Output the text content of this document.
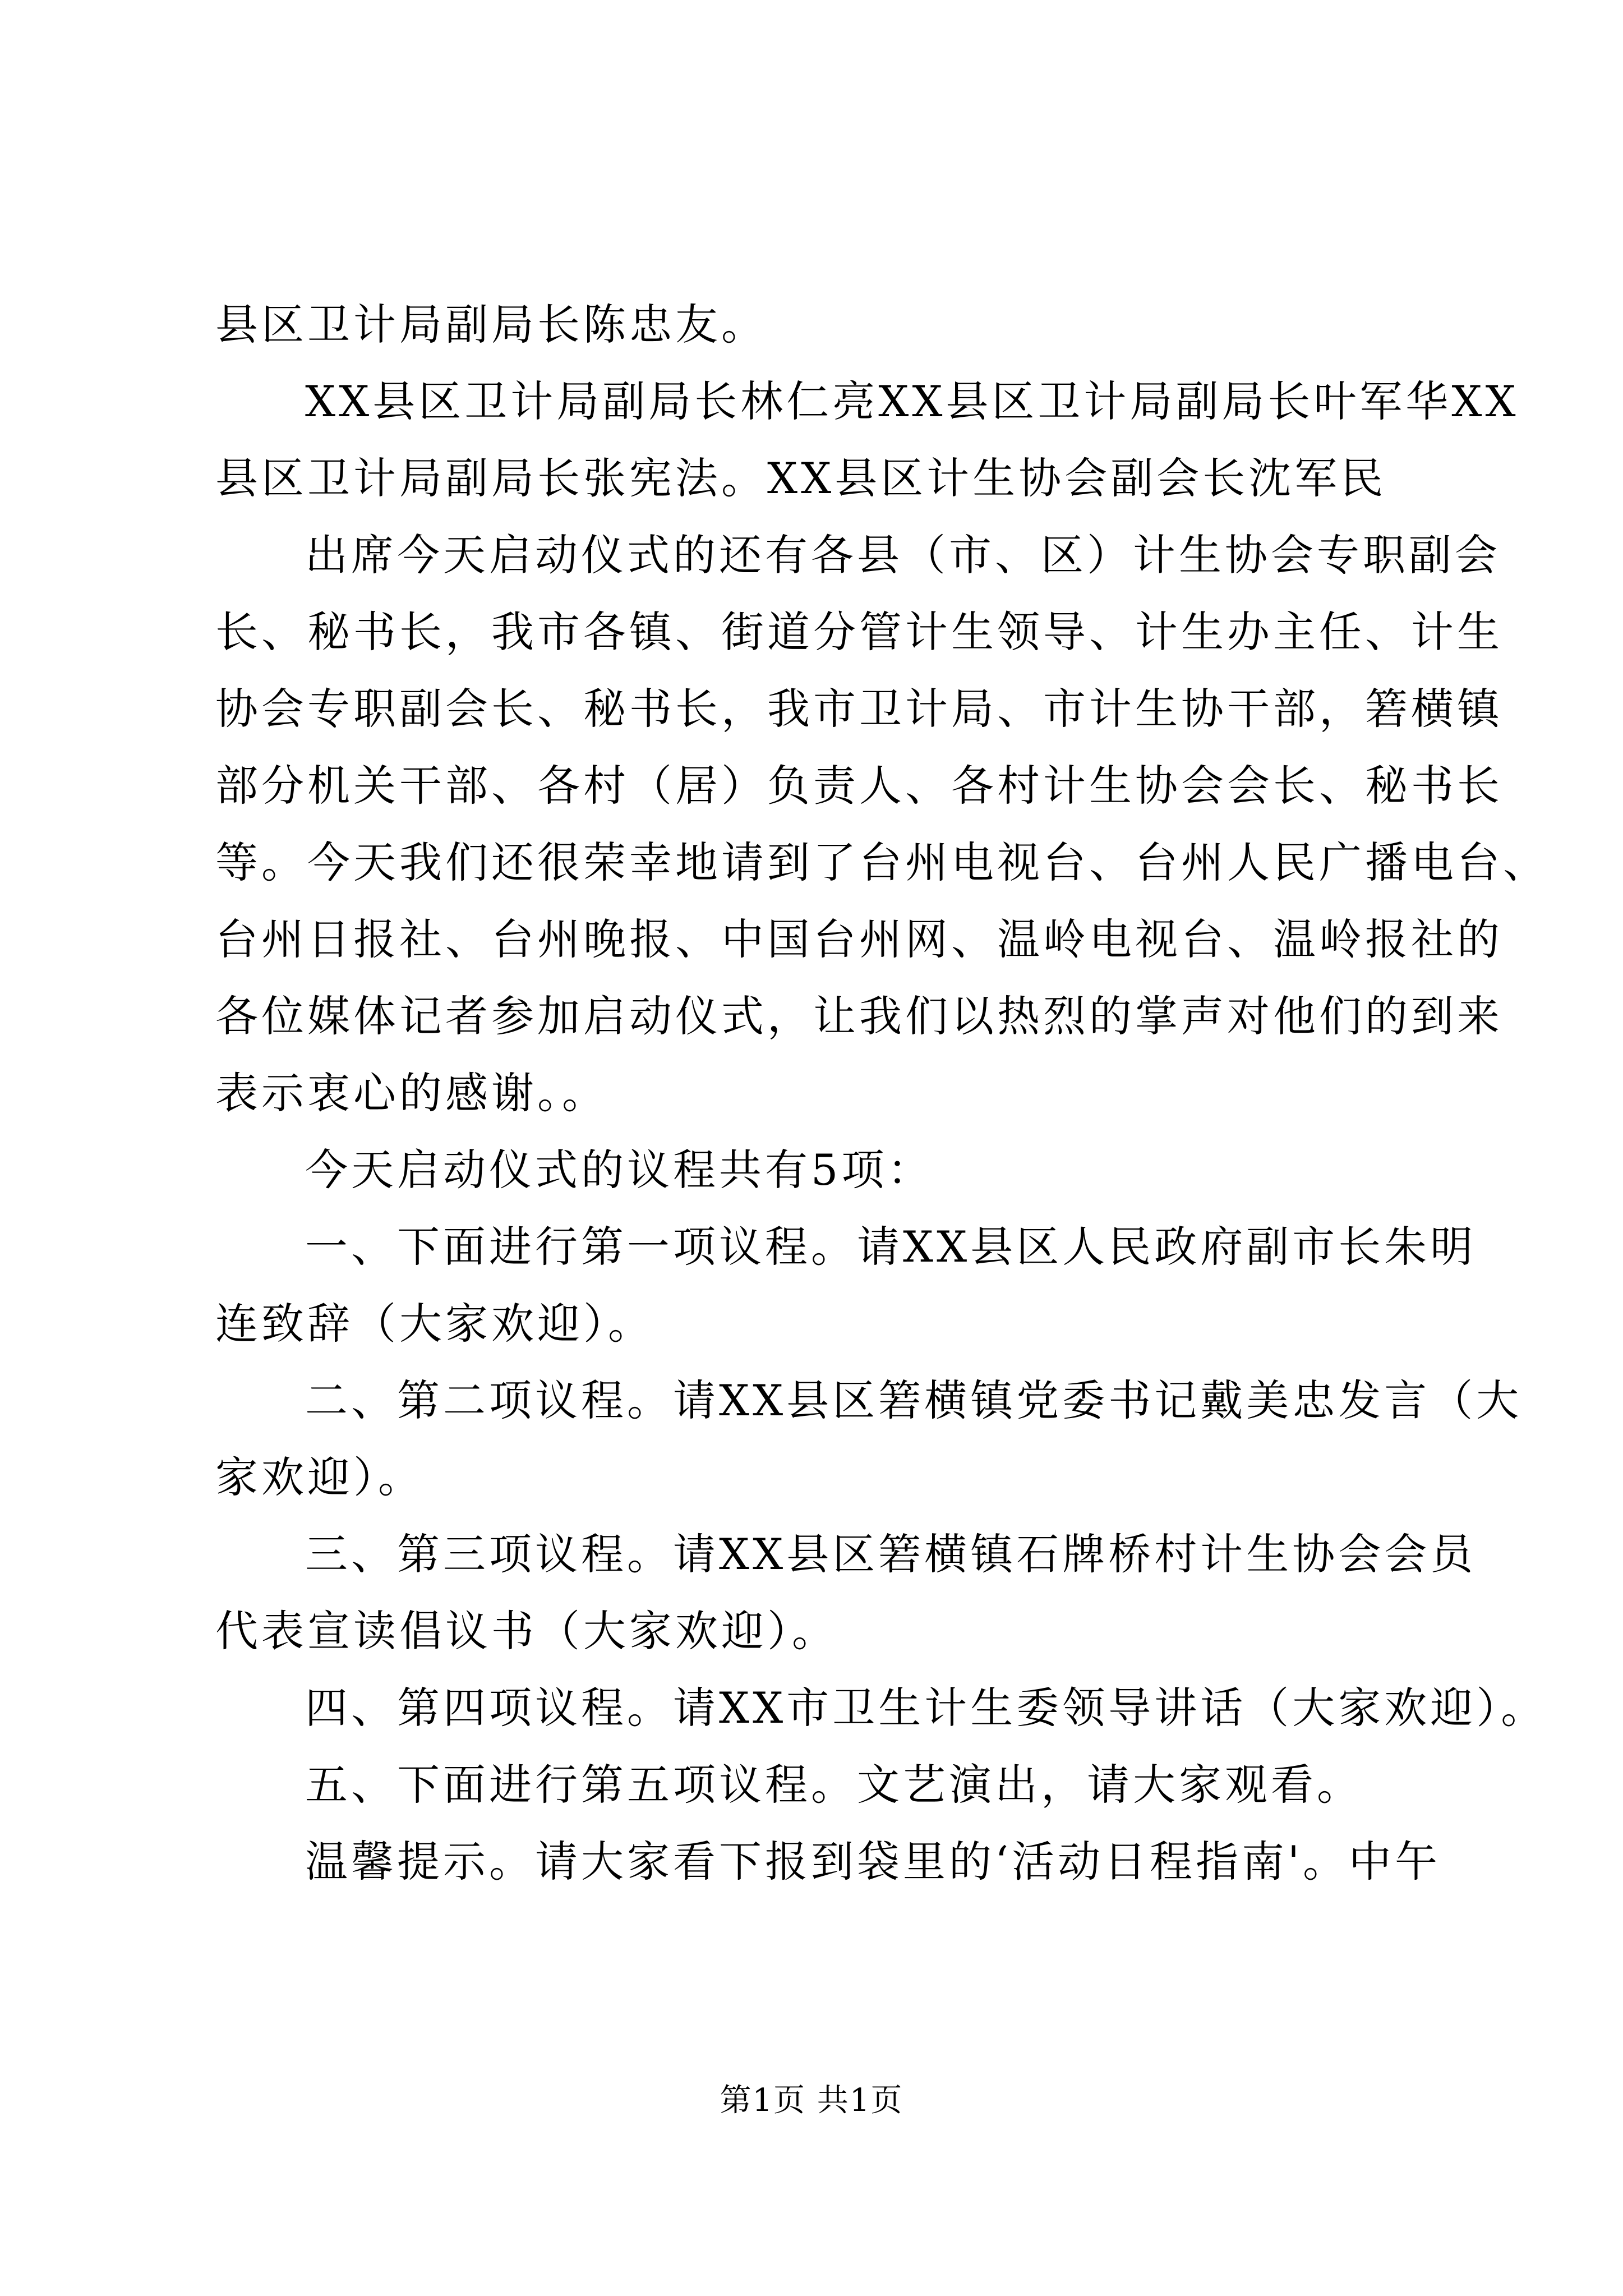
县区卫计局副局长陈忠友。
XX县区卫计局副局长林仁亮XX县区卫计局副局长叶军华XX
县区卫计局副局长张宪法。XX县区计生协会副会长沈军民
出席今天启动仪式的还有各县（市、区）计生协会专职副会
长、秘书长，我市各镇、街道分管计生领导、计生办主任、计生
协会专职副会长、秘书长，我市卫计局、市计生协干部，箬横镇
部分机关干部、各村（居）负责人、各村计生协会会长、秘书长
等。今天我们还很荣幸地请到了台州电视台、台州人民广播电台、
台州日报社、台州晚报、中国台州网、温岭电视台、温岭报社的
各位媒体记者参加启动仪式，让我们以热烈的掌声对他们的到来
表示衷心的感谢。。
今天启动仪式的议程共有5项：
一、下面进行第一项议程。请XX县区人民政府副市长朱明
连致辞（大家欢迎）。
二、第二项议程。请XX县区箬横镇党委书记戴美忠发言（大
家欢迎）。
三、第三项议程。请XX县区箬横镇石牌桥村计生协会会员
代表宣读倡议书（大家欢迎）。
四、第四项议程。请XX市卫生计生委领导讲话（大家欢迎）。
五、下面进行第五项议程。文艺演出，请大家观看。
温馨提示。请大家看下报到袋里的‘活动日程指南'。中午
第1页 共1页
